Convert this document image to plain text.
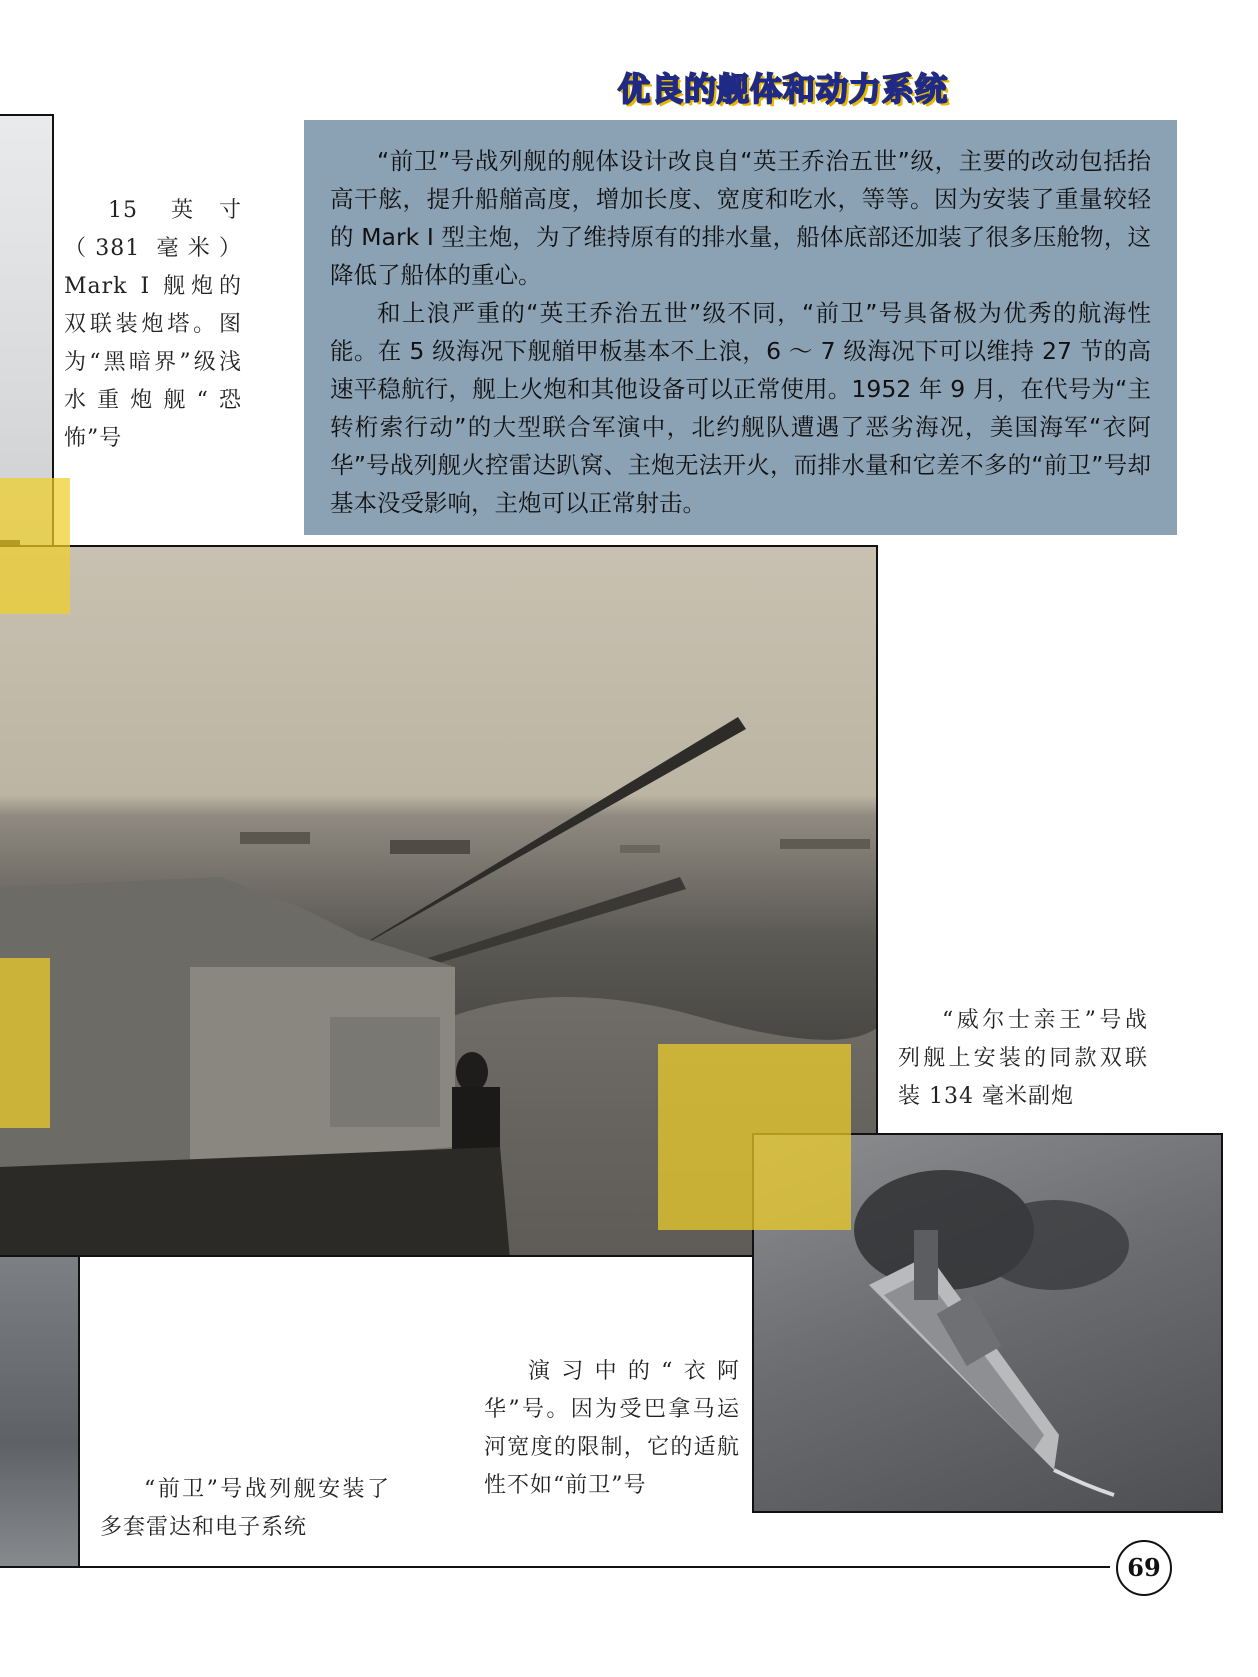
优良的舰体和动力系统

“前卫”号战列舰的舰体设计改良自“英王乔治五世”级，主要的改动包括抬高干舷，提升船艏高度，增加长度、宽度和吃水，等等。因为安装了重量较轻的 Mark I 型主炮，为了维持原有的排水量，船体底部还加装了很多压舱物，这降低了船体的重心。

和上浪严重的“英王乔治五世”级不同，“前卫”号具备极为优秀的航海性能。在 5 级海况下舰艏甲板基本不上浪，6 ～ 7 级海况下可以维持 27 节的高速平稳航行，舰上火炮和其他设备可以正常使用。1952 年 9 月，在代号为“主转桁索行动”的大型联合军演中，北约舰队遭遇了恶劣海况，美国海军“衣阿华”号战列舰火控雷达趴窝、主炮无法开火，而排水量和它差不多的“前卫”号却基本没受影响，主炮可以正常射击。

15 英寸（381 毫米）Mark I 舰炮的双联装炮塔。图为“黑暗界”级浅水重炮舰“恐怖”号

“威尔士亲王”号战列舰上安装的同款双联装 134 毫米副炮

演习中的“衣阿华”号。因为受巴拿马运河宽度的限制，它的适航性不如“前卫”号

“前卫”号战列舰安装了多套雷达和电子系统

69
